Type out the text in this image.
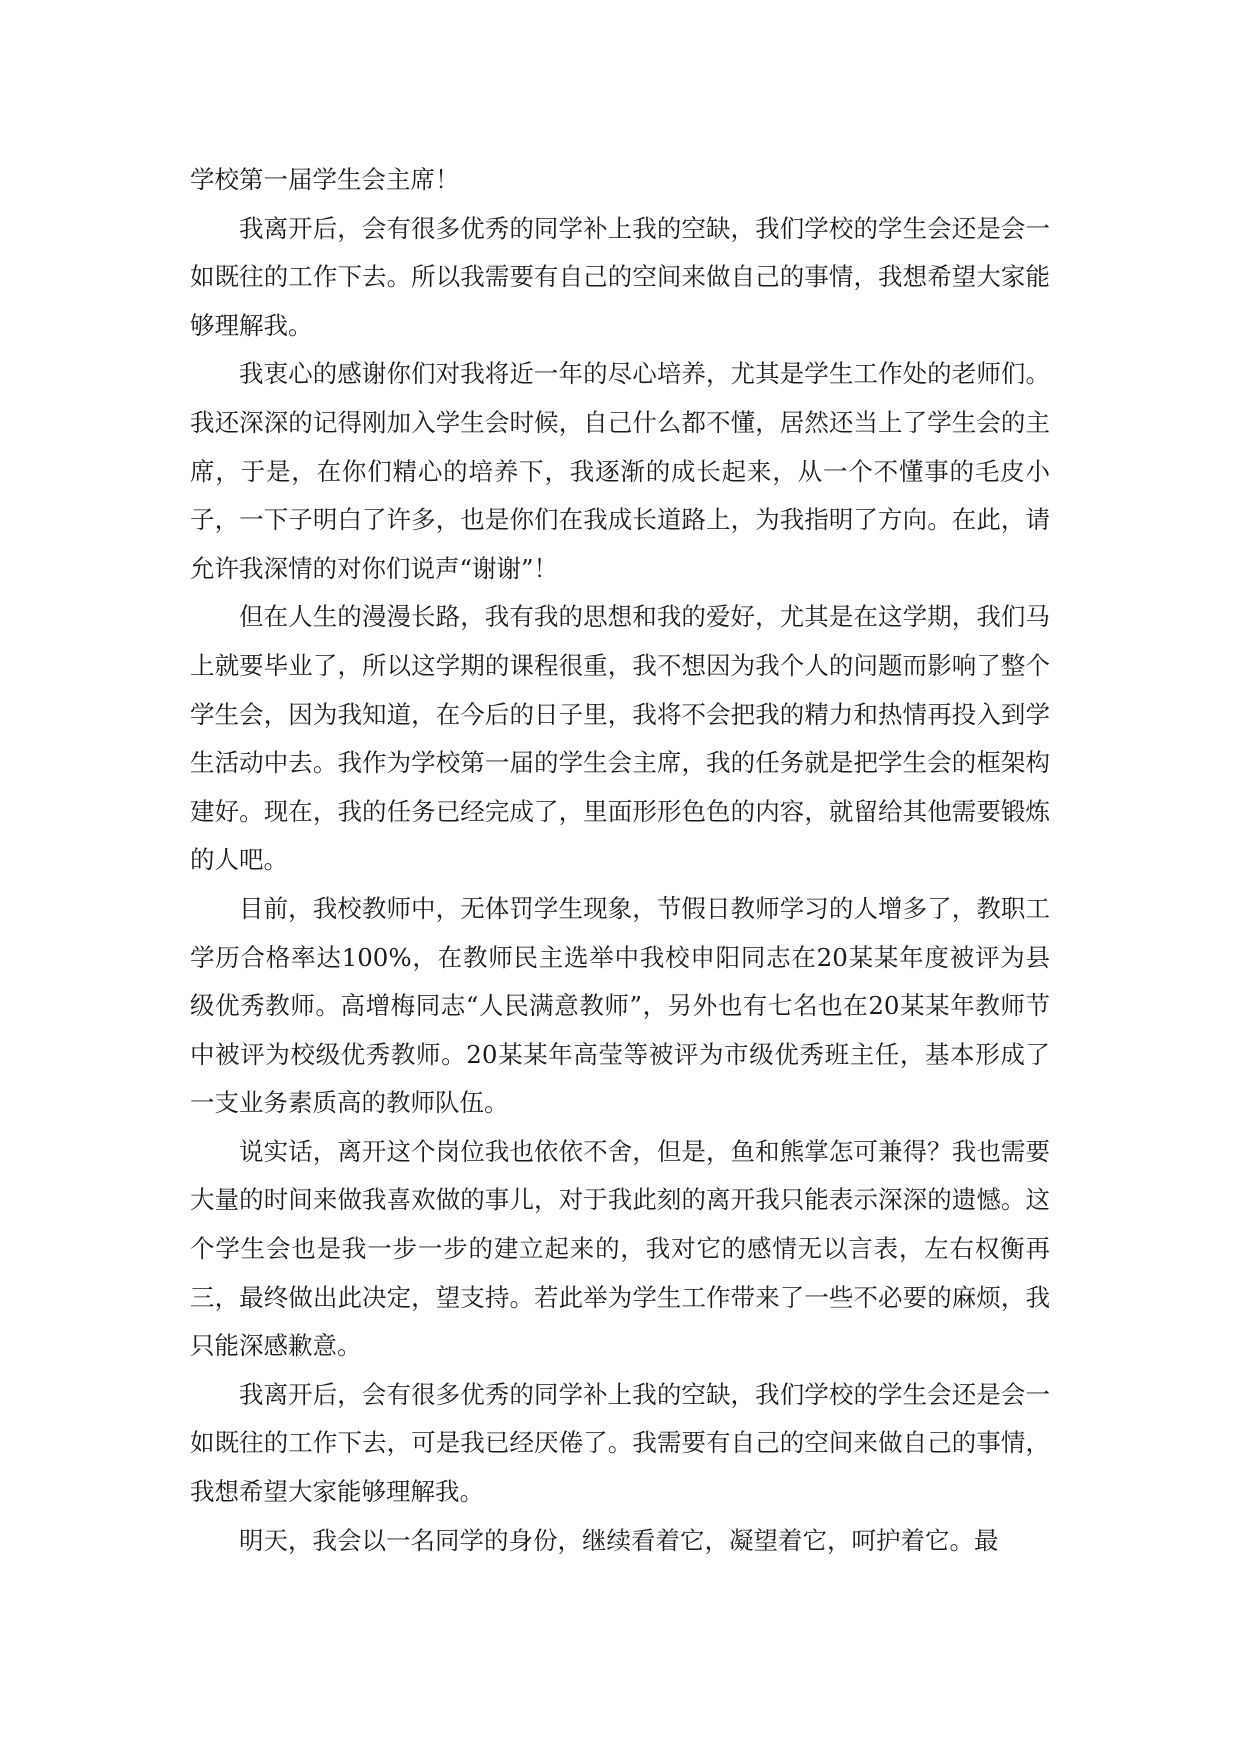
学校第一届学生会主席！

我离开后，会有很多优秀的同学补上我的空缺，我们学校的学生会还是会一如既往的工作下去。所以我需要有自己的空间来做自己的事情，我想希望大家能够理解我。

我衷心的感谢你们对我将近一年的尽心培养，尤其是学生工作处的老师们。我还深深的记得刚加入学生会时候，自己什么都不懂，居然还当上了学生会的主席，于是，在你们精心的培养下，我逐渐的成长起来，从一个不懂事的毛皮小子，一下子明白了许多，也是你们在我成长道路上，为我指明了方向。在此，请允许我深情的对你们说声“谢谢”！

但在人生的漫漫长路，我有我的思想和我的爱好，尤其是在这学期，我们马上就要毕业了，所以这学期的课程很重，我不想因为我个人的问题而影响了整个学生会，因为我知道，在今后的日子里，我将不会把我的精力和热情再投入到学生活动中去。我作为学校第一届的学生会主席，我的任务就是把学生会的框架构建好。现在，我的任务已经完成了，里面形形色色的内容，就留给其他需要锻炼的人吧。

目前，我校教师中，无体罚学生现象，节假日教师学习的人增多了，教职工学历合格率达100%，在教师民主选举中我校申阳同志在20某某年度被评为县级优秀教师。高增梅同志“人民满意教师”，另外也有七名也在20某某年教师节中被评为校级优秀教师。20某某年高莹等被评为市级优秀班主任，基本形成了一支业务素质高的教师队伍。

说实话，离开这个岗位我也依依不舍，但是，鱼和熊掌怎可兼得？我也需要大量的时间来做我喜欢做的事儿，对于我此刻的离开我只能表示深深的遗憾。这个学生会也是我一步一步的建立起来的，我对它的感情无以言表，左右权衡再三，最终做出此决定，望支持。若此举为学生工作带来了一些不必要的麻烦，我只能深感歉意。

我离开后，会有很多优秀的同学补上我的空缺，我们学校的学生会还是会一如既往的工作下去，可是我已经厌倦了。我需要有自己的空间来做自己的事情，我想希望大家能够理解我。

明天，我会以一名同学的身份，继续看着它，凝望着它，呵护着它。最
